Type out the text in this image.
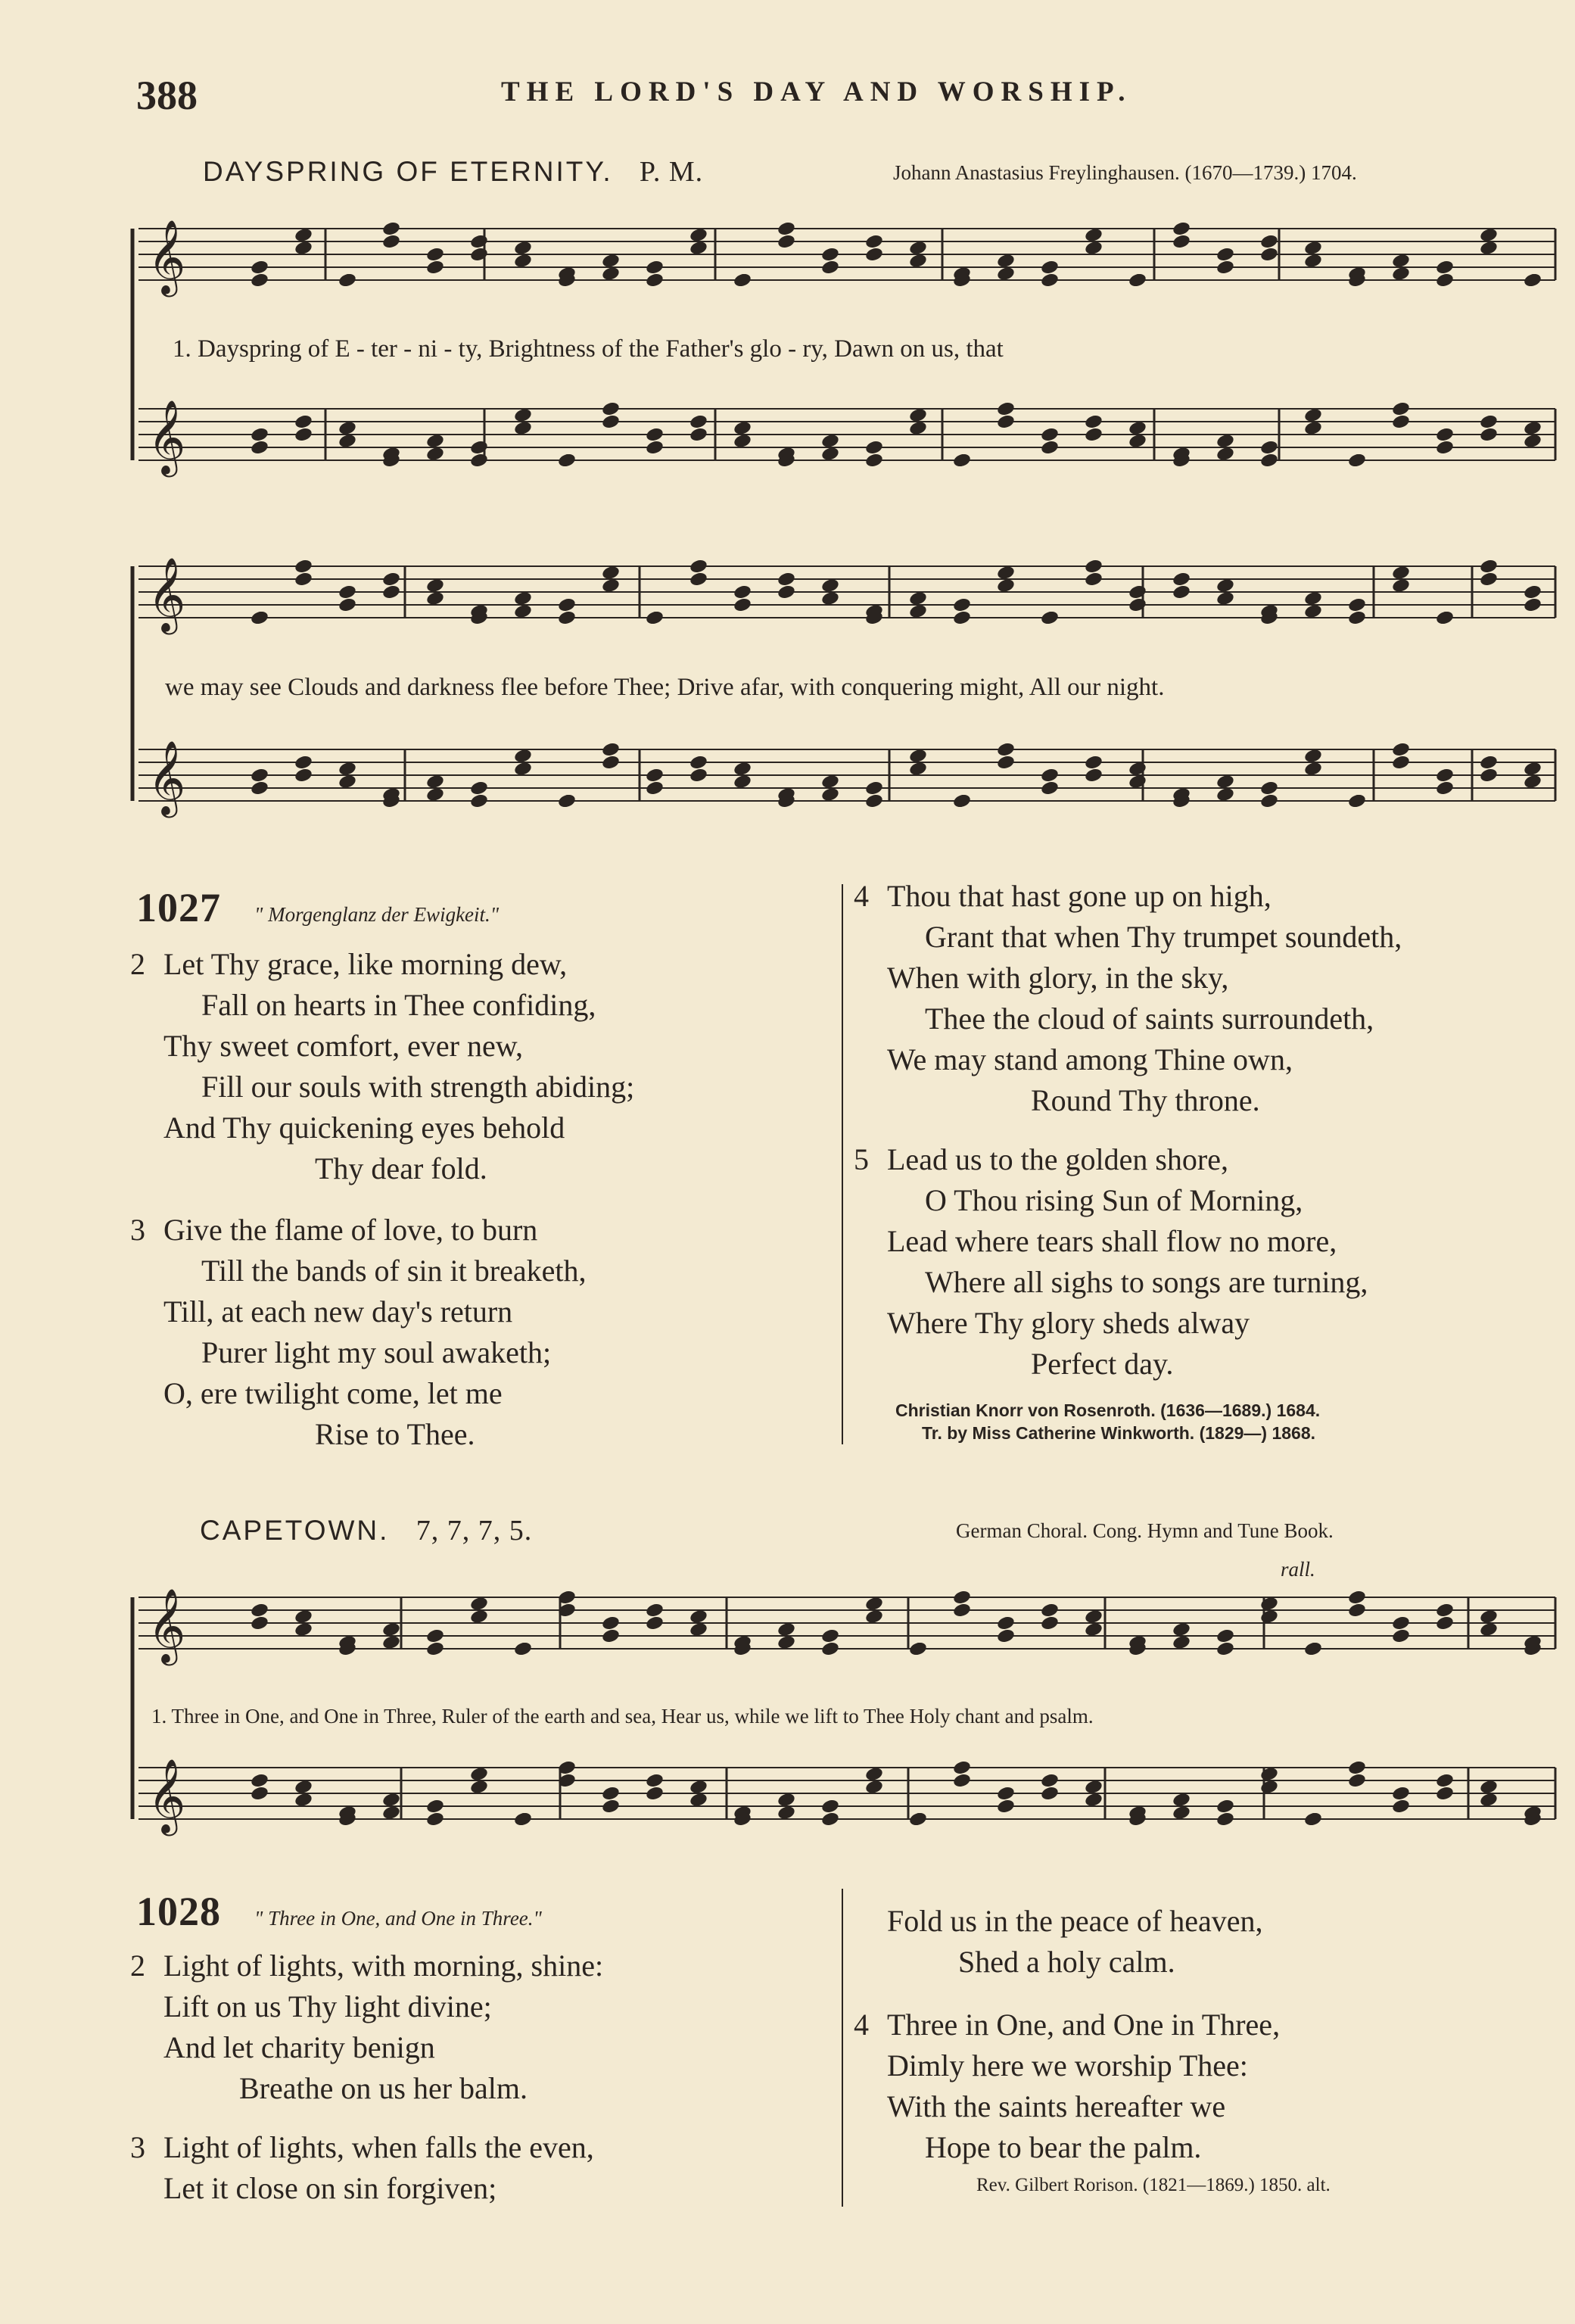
𝄞
𝄞
𝄞
𝄞
𝄞
𝄞
388	THE LORD'S DAY AND WORSHIP.
DAYSPRING OF ETERNITY. P. M.	Johann Anastasius Freylinghausen. (1670—1739.) 1704.
1. Dayspring of E - ter - ni - ty, Brightness of the Father's glo - ry, Dawn on us, that
we may see Clouds and darkness flee before Thee; Drive afar, with conquering might, All our night.
1027 " Morgenglanz der Ewigkeit."
2 Let Thy grace, like morning dew,
Fall on hearts in Thee confiding,
Thy sweet comfort, ever new,
Fill our souls with strength abiding;
And Thy quickening eyes behold
Thy dear fold.
3 Give the flame of love, to burn
Till the bands of sin it breaketh,
Till, at each new day's return
Purer light my soul awaketh;
O, ere twilight come, let me
Rise to Thee.
4 Thou that hast gone up on high,
Grant that when Thy trumpet soundeth,
When with glory, in the sky,
Thee the cloud of saints surroundeth,
We may stand among Thine own,
Round Thy throne.
5 Lead us to the golden shore,
O Thou rising Sun of Morning,
Lead where tears shall flow no more,
Where all sighs to songs are turning,
Where Thy glory sheds alway
Perfect day.
Christian Knorr von Rosenroth. (1636—1689.) 1684.
Tr. by Miss Catherine Winkworth. (1829—) 1868.
CAPETOWN. 7, 7, 7, 5.	German Choral. Cong. Hymn and Tune Book.
rall.
1. Three in One, and One in Three, Ruler of the earth and sea, Hear us, while we lift to Thee Holy chant and psalm.
1028 " Three in One, and One in Three."
2 Light of lights, with morning, shine:
Lift on us Thy light divine;
And let charity benign
Breathe on us her balm.
3 Light of lights, when falls the even,
Let it close on sin forgiven;
Fold us in the peace of heaven,
Shed a holy calm.
4 Three in One, and One in Three,
Dimly here we worship Thee:
With the saints hereafter we
Hope to bear the palm.
Rev. Gilbert Rorison. (1821—1869.) 1850. alt.
